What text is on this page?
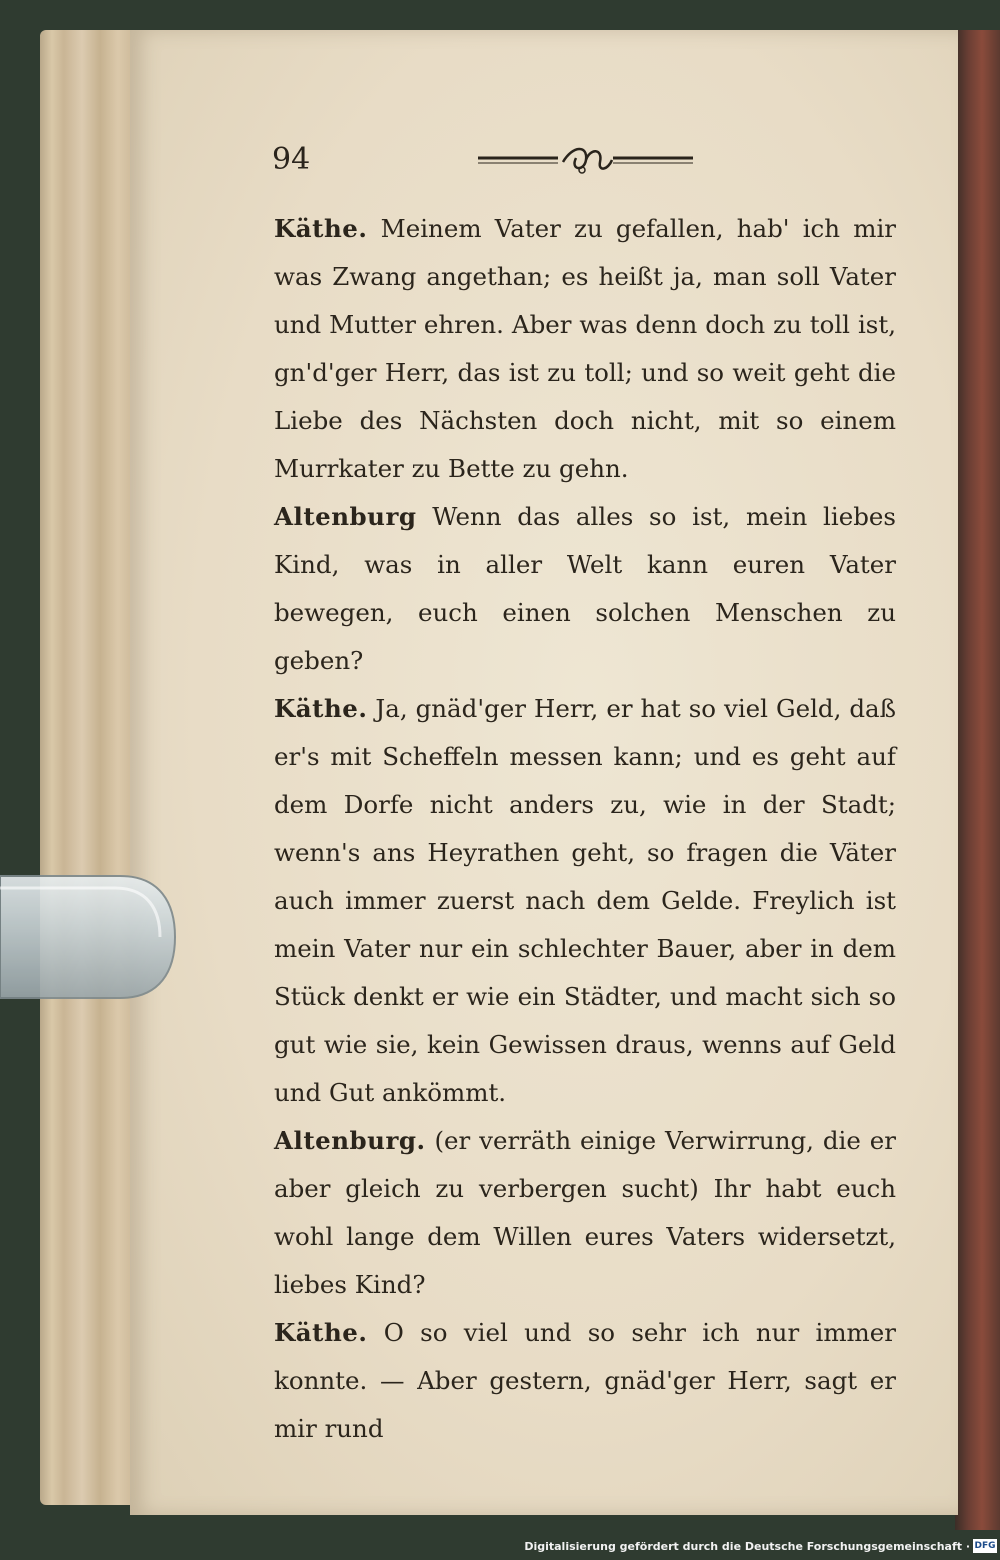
94

Käthe. Meinem Vater zu gefallen, hab' ich mir was Zwang angethan; es heißt ja, man soll Vater und Mutter ehren. Aber was denn doch zu toll ist, gn'd'ger Herr, das ist zu toll; und so weit geht die Liebe des Nächsten doch nicht, mit so einem Murrkater zu Bette zu gehn.

Altenburg Wenn das alles so ist, mein liebes Kind, was in aller Welt kann euren Vater bewegen, euch einen solchen Menschen zu geben?

Käthe. Ja, gnäd'ger Herr, er hat so viel Geld, daß er's mit Scheffeln messen kann; und es geht auf dem Dorfe nicht anders zu, wie in der Stadt; wenn's ans Heyrathen geht, so fragen die Väter auch immer zuerst nach dem Gelde. Freylich ist mein Vater nur ein schlechter Bauer, aber in dem Stück denkt er wie ein Städter, und macht sich so gut wie sie, kein Gewissen draus, wenns auf Geld und Gut ankömmt.

Altenburg. (er verräth einige Verwirrung, die er aber gleich zu verbergen sucht) Ihr habt euch wohl lange dem Willen eures Vaters widersetzt, liebes Kind?

Käthe. O so viel und so sehr ich nur immer konnte. — Aber gestern, gnäd'ger Herr, sagt er mir rund

Digitalisierung gefördert durch die Deutsche Forschungsgemeinschaft · DFG
